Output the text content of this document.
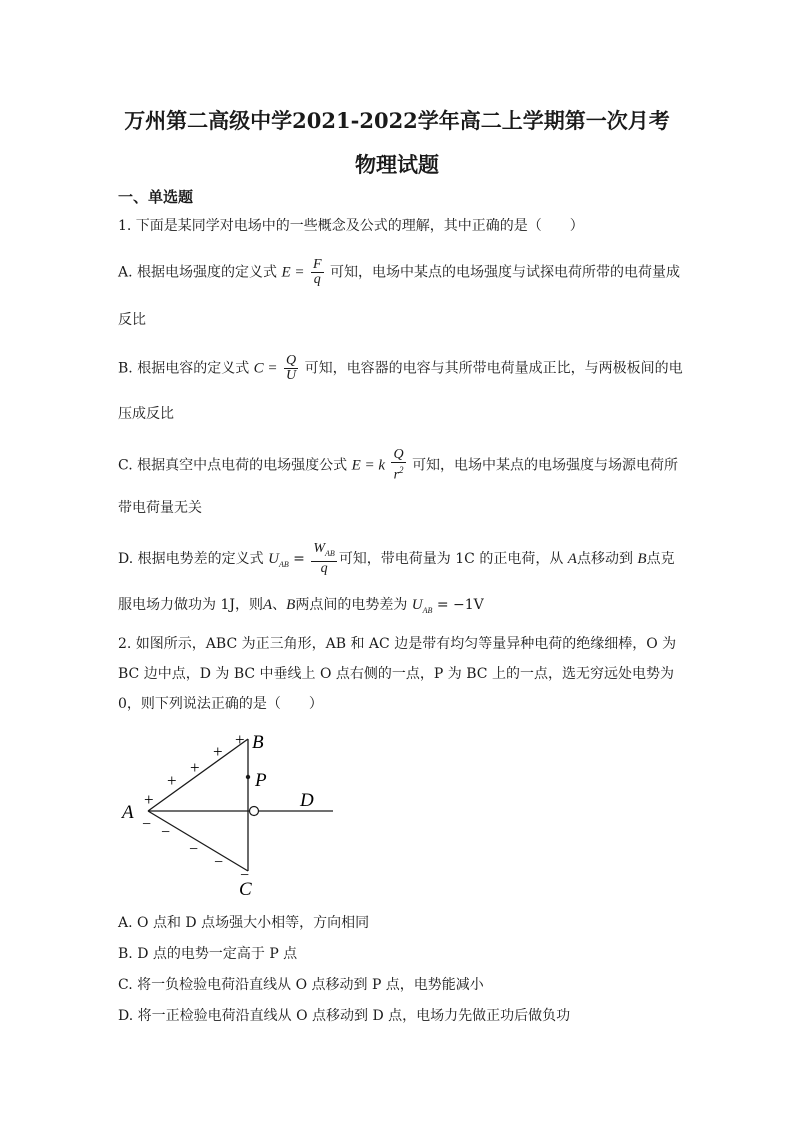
万州第二高级中学2021-2022学年高二上学期第一次月考
物理试题
一、单选题
1. 下面是某同学对电场中的一些概念及公式的理解，其中正确的是（　　）
A. 根据电场强度的定义式 $E = \frac{F}{q}$ 可知，电场中某点的电场强度与试探电荷所带的电荷量成
反比
B. 根据电容的定义式 $C = \frac{Q}{U}$ 可知，电容器的电容与其所带电荷量成正比，与两极板间的电
压成反比
C. 根据真空中点电荷的电场强度公式 E = k $\frac{Q}{r^2}$ 可知，电场中某点的电场强度与场源电荷所
带电荷量无关
D. 根据电势差的定义式 $U_{AB} = \frac{W_{AB}}{q}$ 可知，带电荷量为 1C 的正电荷，从 A点移动到 B点克
服电场力做功为 1J，则A、B两点间的电势差为 $U_{AB} = -1V$
2. 如图所示，ABC 为正三角形，AB 和 AC 边是带有均匀等量异种电荷的绝缘细棒，O 为
BC 边中点，D 为 BC 中垂线上 O 点右侧的一点，P 为 BC 上的一点，选无穷远处电势为
0，则下列说法正确的是（　　）
+
+
+
+
+
− −
−
−
−
A
B
C
P
D
A. O 点和 D 点场强大小相等，方向相同
B. D 点的电势一定高于 P 点
C. 将一负检验电荷沿直线从 O 点移动到 P 点，电势能减小
D. 将一正检验电荷沿直线从 O 点移动到 D 点，电场力先做正功后做负功
